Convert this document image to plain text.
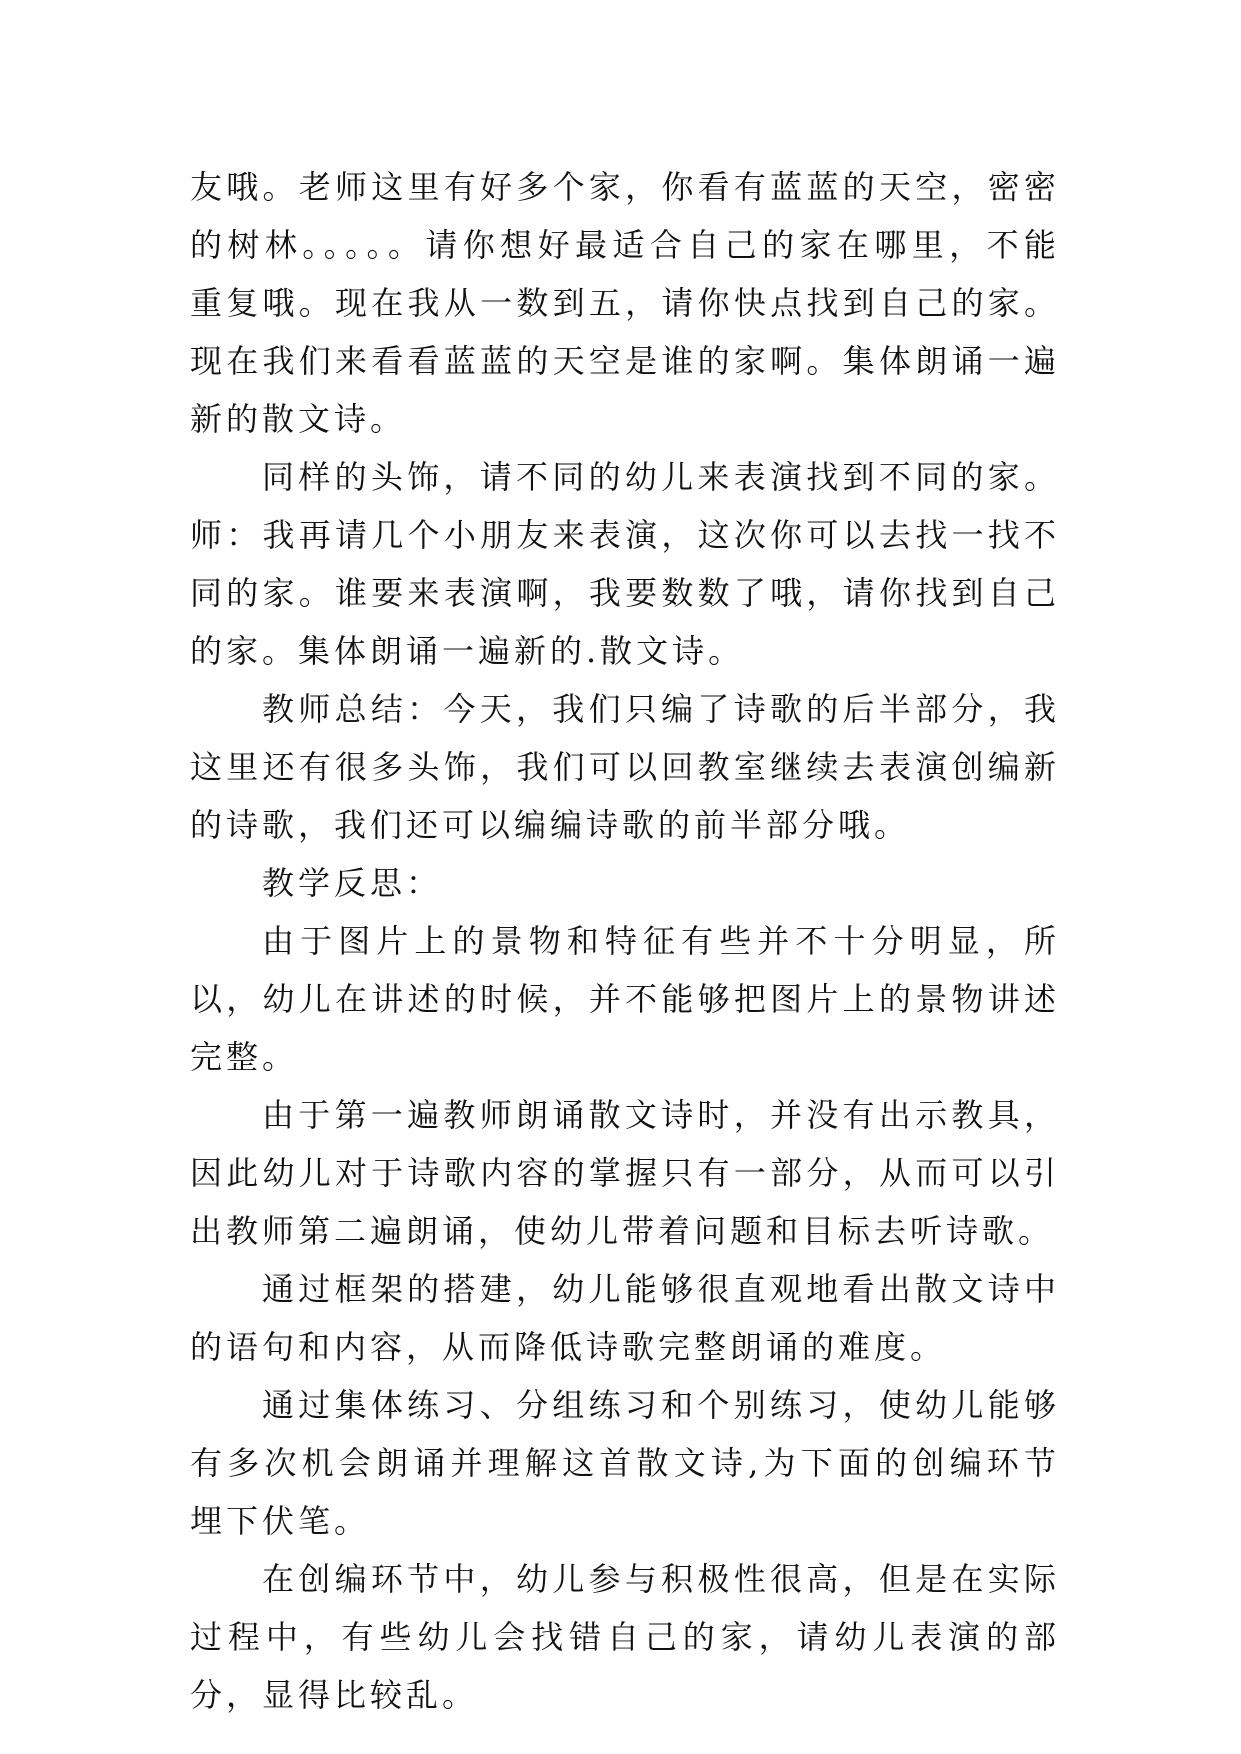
友哦。老师这里有好多个家，你看有蓝蓝的天空，密密的树林。。。。。请你想好最适合自己的家在哪里，不能重复哦。现在我从一数到五，请你快点找到自己的家。现在我们来看看蓝蓝的天空是谁的家啊。集体朗诵一遍新的散文诗。

同样的头饰，请不同的幼儿来表演找到不同的家。师：我再请几个小朋友来表演，这次你可以去找一找不同的家。谁要来表演啊，我要数数了哦，请你找到自己的家。集体朗诵一遍新的.散文诗。

教师总结：今天，我们只编了诗歌的后半部分，我这里还有很多头饰，我们可以回教室继续去表演创编新的诗歌，我们还可以编编诗歌的前半部分哦。

教学反思：

由于图片上的景物和特征有些并不十分明显，所以，幼儿在讲述的时候，并不能够把图片上的景物讲述完整。

由于第一遍教师朗诵散文诗时，并没有出示教具，因此幼儿对于诗歌内容的掌握只有一部分，从而可以引出教师第二遍朗诵，使幼儿带着问题和目标去听诗歌。

通过框架的搭建，幼儿能够很直观地看出散文诗中的语句和内容，从而降低诗歌完整朗诵的难度。

通过集体练习、分组练习和个别练习，使幼儿能够有多次机会朗诵并理解这首散文诗,为下面的创编环节埋下伏笔。

在创编环节中，幼儿参与积极性很高，但是在实际过程中，有些幼儿会找错自己的家，请幼儿表演的部分，显得比较乱。
